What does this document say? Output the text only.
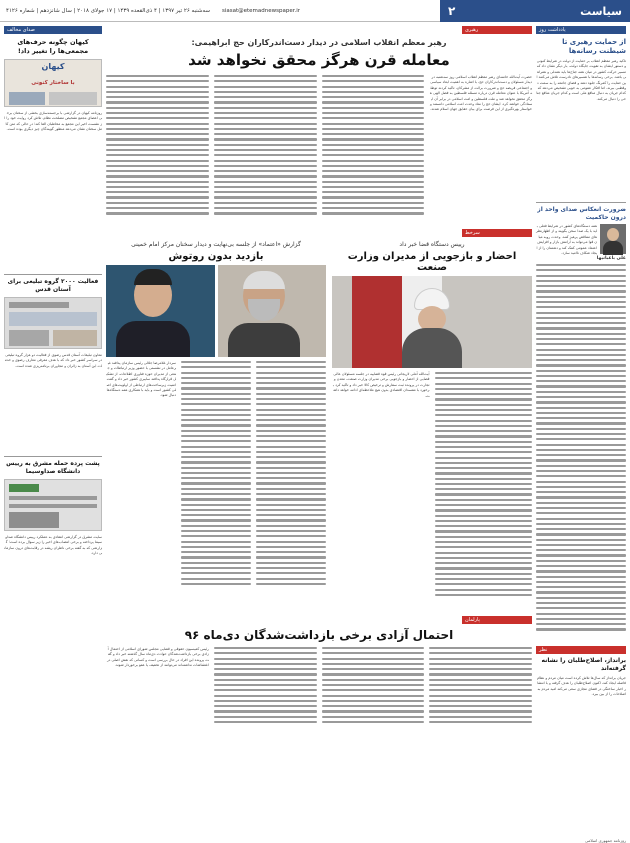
سه‌شنبه ۲۶ تیر ۱۳۹۷ | ۴ ذی‌القعده ۱۴۳۹ | ۱۷ جولای ۲۰۱۸ | سال شانزدهم | شماره ۴۱۲۶ siasat@etemadnewspaper.ir	سیاست
۲
یادداشت روز
از حمایت رهبری تا شیطنت رسانه‌ها
تاکید رهبر معظم انقلاب بر حمایت از دولت در شرایط کنونی و دستور ایشان به تقویت جایگاه دولت، بار دیگر نشان داد که مسیر حرکت کشور در میان همه جناح‌ها باید همدلی و همراهی باشد. برخی رسانه‌ها با تفسیرهای نادرست تلاش می‌کنند این حمایت را کمرنگ جلوه دهند و فضای جامعه را به سمت دوقطبی ببرند، اما افکار عمومی به خوبی تشخیص می‌دهد که کدام جریان به دنبال منافع ملی است و کدام جریان منافع جناحی را دنبال می‌کند.
ضرورت انعکاس صدای واحد از درون حاکمیت
همه دستگاه‌های کشور در شرایط فعلی باید با یک صدا سخن بگویند و از اظهارنظرهای متناقض پرهیز کنند. وحدت رویه میان قوا می‌تواند به آرامش بازار و افزایش اعتماد عمومی کمک کند و دشمنان را از ایجاد شکاف ناامید سازد.
علی باغبانیها
نظر
برانداز، اصلاح‌طلبان را نشانه گرفته‌اند
جریان برانداز که سال‌ها تلاش کرده است میان مردم و نظام فاصله ایجاد کند، اکنون اصلاح‌طلبان را هدف گرفته و با انتشار اخبار ساختگی در فضای مجازی سعی می‌کند امید مردم به اصلاحات را از بین ببرد.
روزنامه جمهوری اسلامی
رهبری
رهبر معظم انقلاب اسلامی در دیدار دست‌اندرکاران حج ابراهیمی:
معامله قرن هرگز محقق نخواهد شد
حضرت آیت‌الله خامنه‌ای رهبر معظم انقلاب اسلامی روز سه‌شنبه در دیدار مسئولان و دست‌اندرکاران حج، با اشاره به اهمیت ابعاد سیاسی و اجتماعی فریضه حج و ضرورت برائت از مشرکان، تاکید کردند توطئه آمریکا با عنوان معامله قرن درباره مسئله فلسطین به فضل الهی هرگز محقق نخواهد شد و ملت فلسطین و امت اسلامی در برابر آن ایستادگی خواهند کرد. ایشان حج را نماد وحدت امت اسلامی دانستند و خواستار بهره‌گیری از این فرصت برای بیان حقایق جهان اسلام شدند.
سرخط
رییس دستگاه قضا خبر داد
احضار و بازجویی از مدیران وزارت صنعت
آیت‌الله آملی لاریجانی رئیس قوه قضاییه در جلسه مسئولان عالی قضایی از احضار و بازجویی برخی مدیران وزارت صنعت، معدن و تجارت در پرونده ثبت سفارش و ترخیص کالا خبر داد و تاکید کرد برخورد با مفسدان اقتصادی بدون هیچ ملاحظه‌ای ادامه خواهد داشت.
گزارش «اعتماد» از جلسه بی‌نهایت و دیدار سخنان مرکز امام خمینی
بازدید بدون روتوش
سردار غلامرضا جلالی رئیس سازمان پدافند غیرعامل در نشستی با حضور وزیر ارتباطات و جمعی از مدیران حوزه فناوری اطلاعات، از تشکیل قرارگاه پدافند سایبری کشور خبر داد و گفت امنیت زیرساخت‌های ارتباطی از اولویت‌های اصلی کشور است و باید با همکاری همه دستگاه‌ها دنبال شود.
پارلمان
احتمال آزادی برخی بازداشت‌شدگان دی‌ماه ۹۶
رئیس کمیسیون حقوقی و قضایی مجلس شورای اسلامی از احتمال آزادی برخی بازداشت‌شدگان حوادث دی‌ماه سال گذشته خبر داد و گفت پرونده این افراد در حال بررسی است و کسانی که نقش اصلی در اغتشاشات نداشته‌اند می‌توانند از تخفیف یا عفو برخوردار شوند.
صدای مخالف
کیهان چگونه حرف‌های مجمعی‌ها را تغییر داد!
کیهان
با ساختار کنونی
روزنامه کیهان در گزارشی با برجسته‌سازی بخشی از سخنان برخی اعضای مجمع تشخیص مصلحت نظام، تلاش کرد روایت خود را از نشست اخیر این مجمع به مخاطبان القا کند؛ در حالی که متن کامل سخنان نشان می‌دهد منظور گویندگان چیز دیگری بوده است.
فعالیت ۲۰۰۰ گروه تبلیغی برای آستان قدس
معاون تبلیغات آستان قدس رضوی از فعالیت دو هزار گروه تبلیغی در سراسر کشور خبر داد که با هدف معرفی معارف رضوی و خدمات این آستان به زائران و مجاوران برنامه‌ریزی شده است.
پشت پرده حمله مشرق به رییس دانشگاه صداوسیما
سایت مشرق در گزارشی انتقادی به عملکرد رییس دانشگاه صداوسیما پرداخته و برخی انتصاب‌های اخیر را زیر سوال برده است؛ گزارشی که به گفته برخی ناظران ریشه در رقابت‌های درون سازمانی دارد.
